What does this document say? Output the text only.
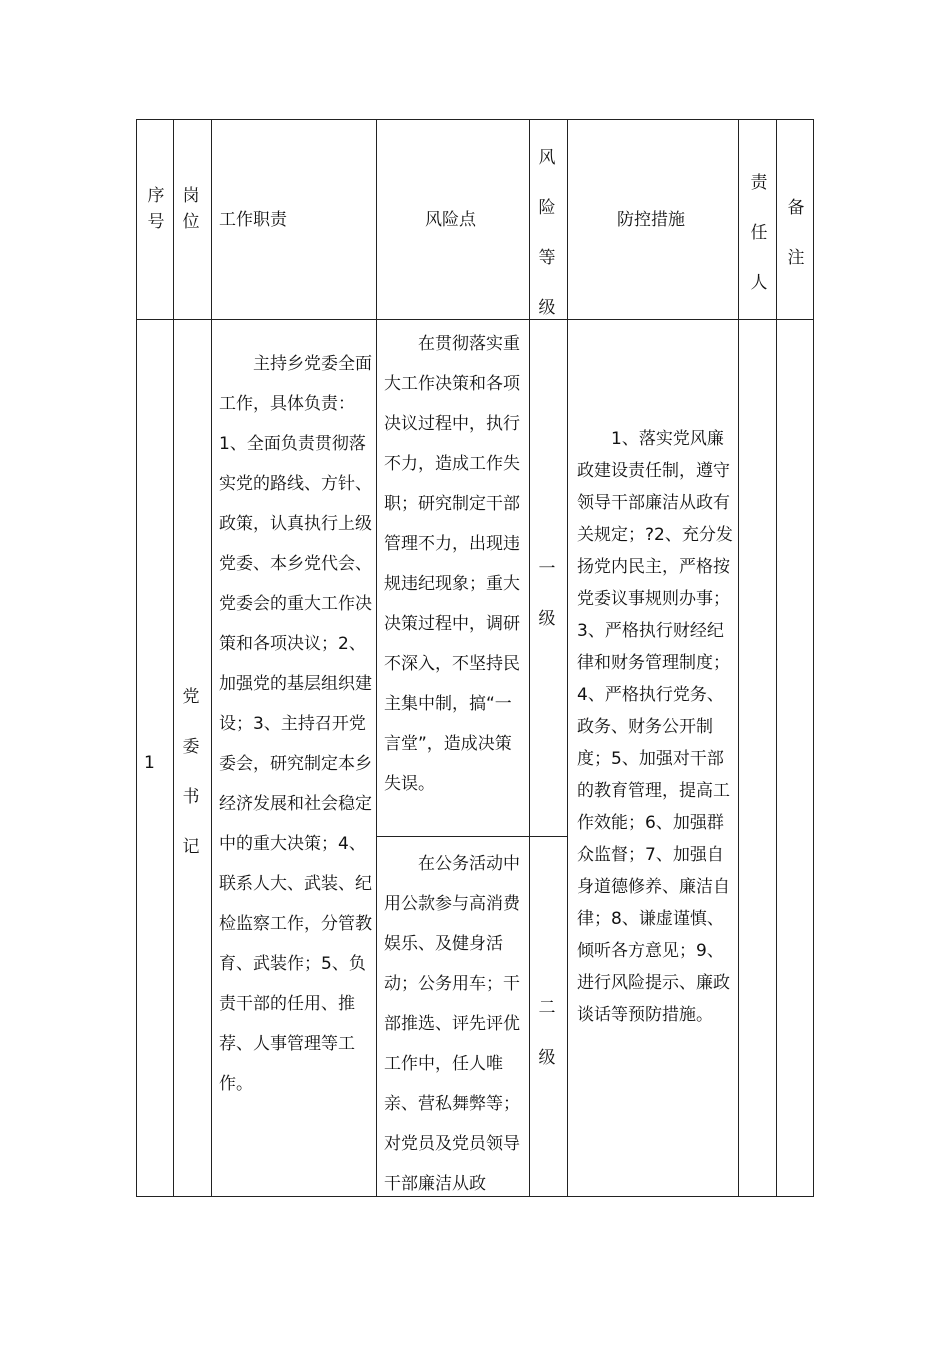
序号
岗位 工作职责	风险点
风险等级
防控措施
责任人
备注
1
党委书记
主持乡党委全面工作，具体负责：1、全面负责贯彻落实党的路线、方针、政策，认真执行上级党委、本乡党代会、党委会的重大工作决策和各项决议；2、加强党的基层组织建设；3、主持召开党委会，研究制定本乡经济发展和社会稳定中的重大决策；4、联系人大、武装、纪检监察工作，分管教育、武装作；5、负责干部的任用、推荐、人事管理等工作。
在贯彻落实重大工作决策和各项决议过程中，执行不力，造成工作失职；研究制定干部管理不力，出现违规违纪现象；重大决策过程中，调研不深入，不坚持民主集中制，搞“一言堂”，造成决策失误。
一级
在公务活动中用公款参与高消费娱乐、及健身活动；公务用车；干部推选、评先评优工作中，任人唯亲、营私舞弊等；对党员及党员领导干部廉洁从政
二级
1、落实党风廉政建设责任制，遵守领导干部廉洁从政有关规定；?2、充分发扬党内民主，严格按党委议事规则办事；3、严格执行财经纪律和财务管理制度；4、严格执行党务、政务、财务公开制度；5、加强对干部的教育管理，提高工作效能；6、加强群众监督；7、加强自身道德修养、廉洁自律；8、谦虚谨慎、倾听各方意见；9、进行风险提示、廉政谈话等预防措施。
